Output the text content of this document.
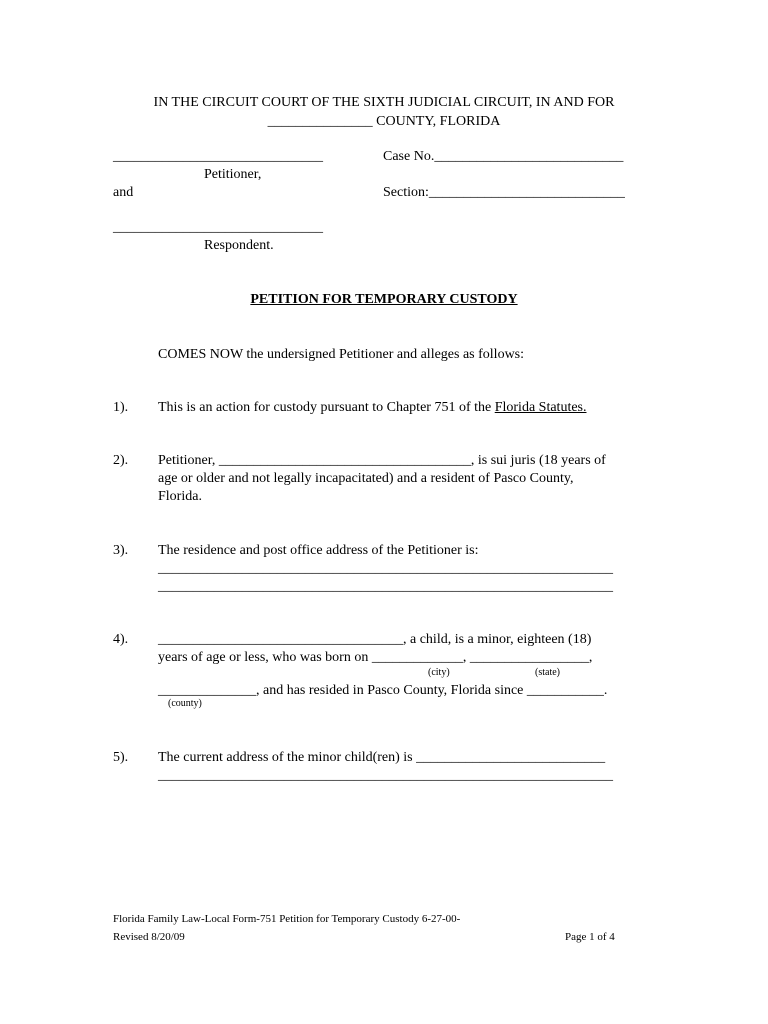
IN THE CIRCUIT COURT OF THE SIXTH JUDICIAL CIRCUIT, IN AND FOR
_______________ COUNTY, FLORIDA
______________________________
Petitioner,
and
______________________________
Respondent.
Case No.___________________________
Section:____________________________
PETITION FOR TEMPORARY CUSTODY
COMES NOW the undersigned Petitioner and alleges as follows:
1). This is an action for custody pursuant to Chapter 751 of the Florida Statutes.
2). Petitioner, ____________________________________, is sui juris (18 years of
age or older and not legally incapacitated) and a resident of Pasco County,
Florida.
3). The residence and post office address of the Petitioner is:
_________________________________________________________________
_________________________________________________________________
4). ___________________________________, a child, is a minor, eighteen (18)
years of age or less, who was born on _____________, _________________,
(city)	(state)
______________, and has resided in Pasco County, Florida since ___________.
(county)
5). The current address of the minor child(ren) is ___________________________
_________________________________________________________________
Florida Family Law-Local Form-751 Petition for Temporary Custody 6-27-00-
Revised 8/20/09	Page 1 of 4
